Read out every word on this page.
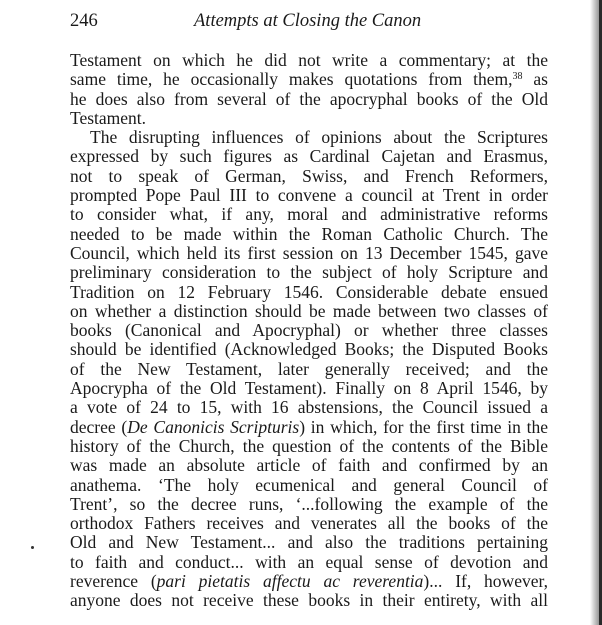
246	Attempts at Closing the Canon

Testament on which he did not write a commentary; at the
same time, he occasionally makes quotations from them,$^{38}$ as
he does also from several of the apocryphal books of the Old
Testament.

The disrupting influences of opinions about the Scriptures
expressed by such figures as Cardinal Cajetan and Erasmus,
not to speak of German, Swiss, and French Reformers,
prompted Pope Paul III to convene a council at Trent in order
to consider what, if any, moral and administrative reforms
needed to be made within the Roman Catholic Church. The
Council, which held its first session on 13 December 1545, gave
preliminary consideration to the subject of holy Scripture and
Tradition on 12 February 1546. Considerable debate ensued
on whether a distinction should be made between two classes of
books (Canonical and Apocryphal) or whether three classes
should be identified (Acknowledged Books; the Disputed Books
of the New Testament, later generally received; and the
Apocrypha of the Old Testament). Finally on 8 April 1546, by
a vote of 24 to 15, with 16 abstensions, the Council issued a
decree (De Canonicis Scripturis) in which, for the first time in the
history of the Church, the question of the contents of the Bible
was made an absolute article of faith and confirmed by an
anathema. ‘The holy ecumenical and general Council of
Trent’, so the decree runs, ‘...following the example of the
orthodox Fathers receives and venerates all the books of the
Old and New Testament... and also the traditions pertaining
to faith and conduct... with an equal sense of devotion and
reverence (pari pietatis affectu ac reverentia)... If, however,
anyone does not receive these books in their entirety, with all
